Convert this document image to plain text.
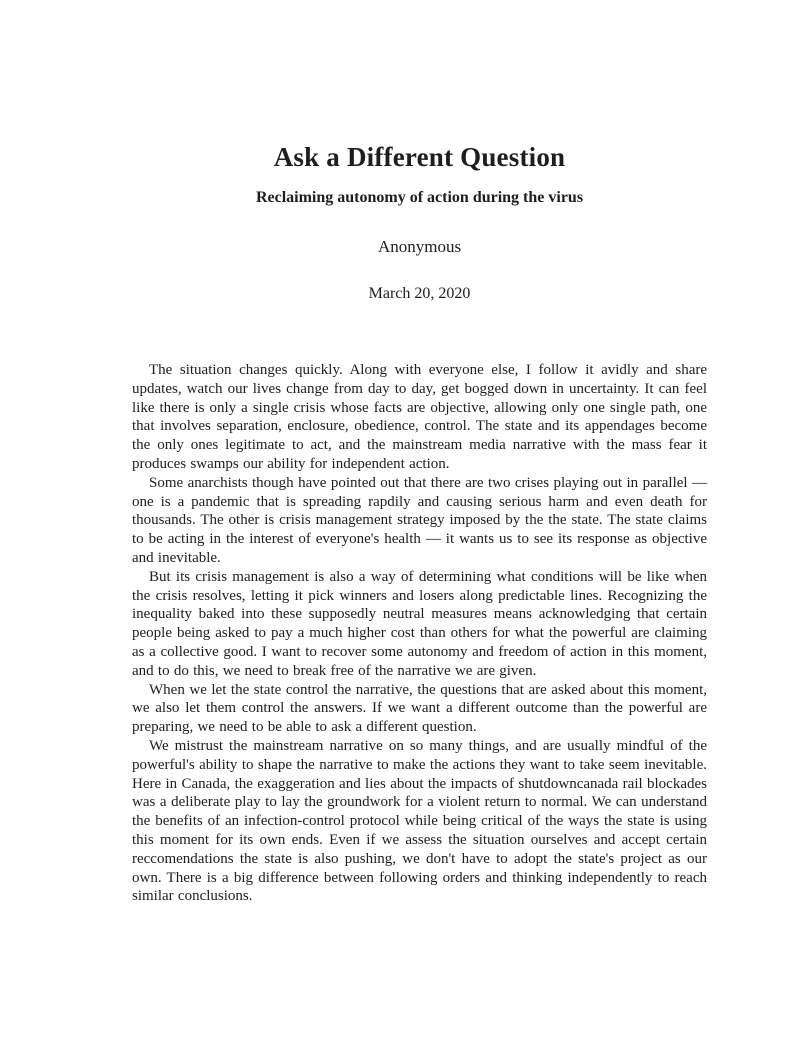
Ask a Different Question
Reclaiming autonomy of action during the virus
Anonymous
March 20, 2020

The situation changes quickly. Along with everyone else, I follow it avidly and share updates, watch our lives change from day to day, get bogged down in uncertainty. It can feel like there is only a single crisis whose facts are objective, allowing only one single path, one that involves separation, enclosure, obedience, control. The state and its appendages become the only ones legitimate to act, and the mainstream media narrative with the mass fear it produces swamps our ability for independent action.

Some anarchists though have pointed out that there are two crises playing out in parallel — one is a pandemic that is spreading rapdily and causing serious harm and even death for thousands. The other is crisis management strategy imposed by the the state. The state claims to be acting in the interest of everyone's health — it wants us to see its response as objective and inevitable.

But its crisis management is also a way of determining what conditions will be like when the crisis resolves, letting it pick winners and losers along predictable lines. Recognizing the inequality baked into these supposedly neutral measures means acknowledging that certain people being asked to pay a much higher cost than others for what the powerful are claiming as a collective good. I want to recover some autonomy and freedom of action in this moment, and to do this, we need to break free of the narrative we are given.

When we let the state control the narrative, the questions that are asked about this moment, we also let them control the answers. If we want a different outcome than the powerful are preparing, we need to be able to ask a different question.

We mistrust the mainstream narrative on so many things, and are usually mindful of the powerful's ability to shape the narrative to make the actions they want to take seem inevitable. Here in Canada, the exaggeration and lies about the impacts of shutdowncanada rail blockades was a deliberate play to lay the groundwork for a violent return to normal. We can understand the benefits of an infection-control protocol while being critical of the ways the state is using this moment for its own ends. Even if we assess the situation ourselves and accept certain reccomendations the state is also pushing, we don't have to adopt the state's project as our own. There is a big difference between following orders and thinking independently to reach similar conclusions.
